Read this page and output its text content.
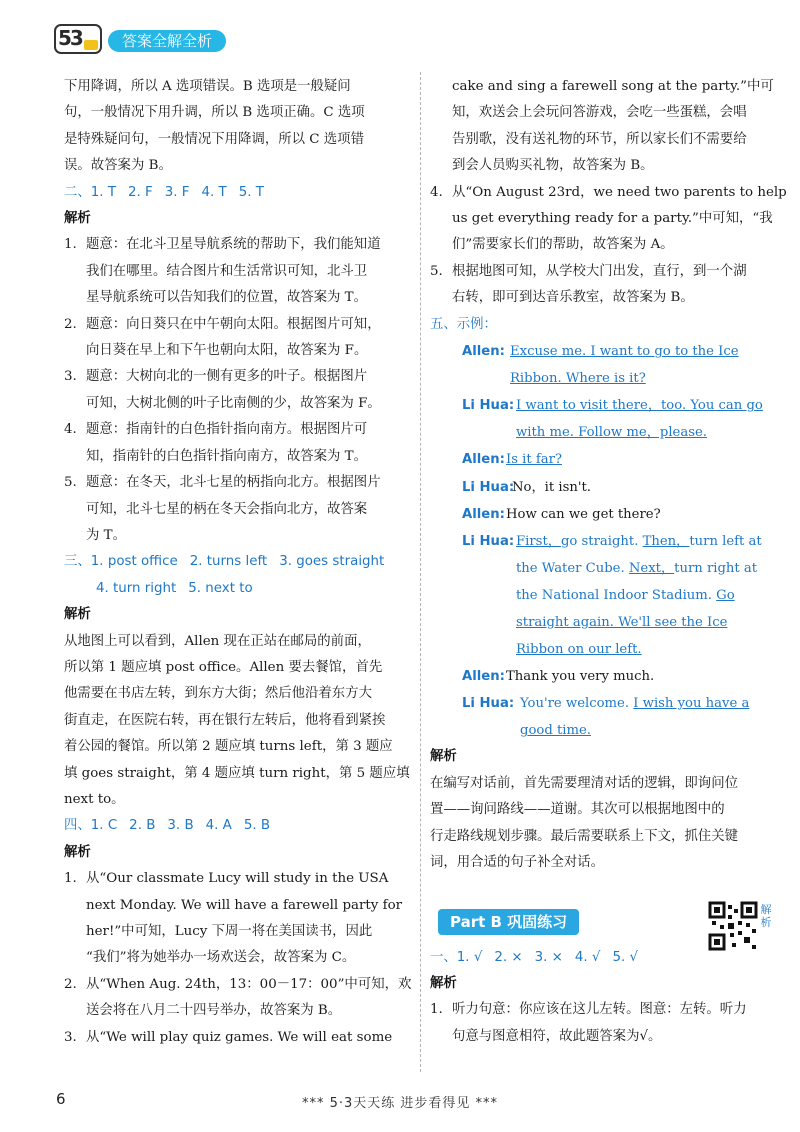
53	答案全解全析

下用降调，所以 A 选项错误。B 选项是一般疑问

句，一般情况下用升调，所以 B 选项正确。C 选项

是特殊疑问句，一般情况下用降调，所以 C 选项错

误。故答案为 B。

二、1. T 2. F 3. F 4. T 5. T

解析

1. 题意：在北斗卫星导航系统的帮助下，我们能知道

我们在哪里。结合图片和生活常识可知，北斗卫

星导航系统可以告知我们的位置，故答案为 T。

2. 题意：向日葵只在中午朝向太阳。根据图片可知，

向日葵在早上和下午也朝向太阳，故答案为 F。

3. 题意：大树向北的一侧有更多的叶子。根据图片

可知，大树北侧的叶子比南侧的少，故答案为 F。

4. 题意：指南针的白色指针指向南方。根据图片可

知，指南针的白色指针指向南方，故答案为 T。

5. 题意：在冬天，北斗七星的柄指向北方。根据图片

可知，北斗七星的柄在冬天会指向北方，故答案

为 T。

三、1. post office 2. turns left 3. goes straight

4. turn right 5. next to

解析

从地图上可以看到，Allen 现在正站在邮局的前面，

所以第 1 题应填 post office。Allen 要去餐馆，首先

他需要在书店左转，到东方大街；然后他沿着东方大

街直走，在医院右转，再在银行左转后，他将看到紧挨

着公园的餐馆。所以第 2 题应填 turns left，第 3 题应

填 goes straight，第 4 题应填 turn right，第 5 题应填

next to。

四、1. C 2. B 3. B 4. A 5. B

解析

1. 从“Our classmate Lucy will study in the USA

next Monday. We will have a farewell party for

her!”中可知，Lucy 下周一将在美国读书，因此

“我们”将为她举办一场欢送会，故答案为 C。

2. 从“When Aug. 24th，13：00－17：00”中可知，欢

送会将在八月二十四号举办，故答案为 B。

3. 从“We will play quiz games. We will eat some

cake and sing a farewell song at the party.”中可

知，欢送会上会玩问答游戏，会吃一些蛋糕，会唱

告别歌，没有送礼物的环节，所以家长们不需要给

到会人员购买礼物，故答案为 B。

4. 从“On August 23rd，we need two parents to help

us get everything ready for a party.”中可知，“我

们”需要家长们的帮助，故答案为 A。

5. 根据地图可知，从学校大门出发，直行，到一个湖

右转，即可到达音乐教室，故答案为 B。

五、示例：

Allen: Excuse me. I want to go to the Ice

Ribbon. Where is it?

Li Hua: I want to visit there，too. You can go

with me. Follow me，please.

Allen:Is it far?

Li Hua:No，it isn't.

Allen:How can we get there?

Li Hua: First，go straight. Then，turn left at

the Water Cube. Next，turn right at

the National Indoor Stadium. Go

straight again. We'll see the Ice

Ribbon on our left.

Allen:Thank you very much.

Li Hua: You're welcome. I wish you have a

good time.

解析

在编写对话前，首先需要理清对话的逻辑，即询问位

置——询问路线——道谢。其次可以根据地图中的

行走路线规划步骤。最后需要联系上下文，抓住关键

词，用合适的句子补全对话。

Part B 巩固练习
解析

一、1. √ 2. × 3. × 4. √ 5. √

解析

1. 听力句意：你应该在这儿左转。图意：左转。听力

句意与图意相符，故此题答案为√。

6	*** 5·3天天练 进步看得见 ***
